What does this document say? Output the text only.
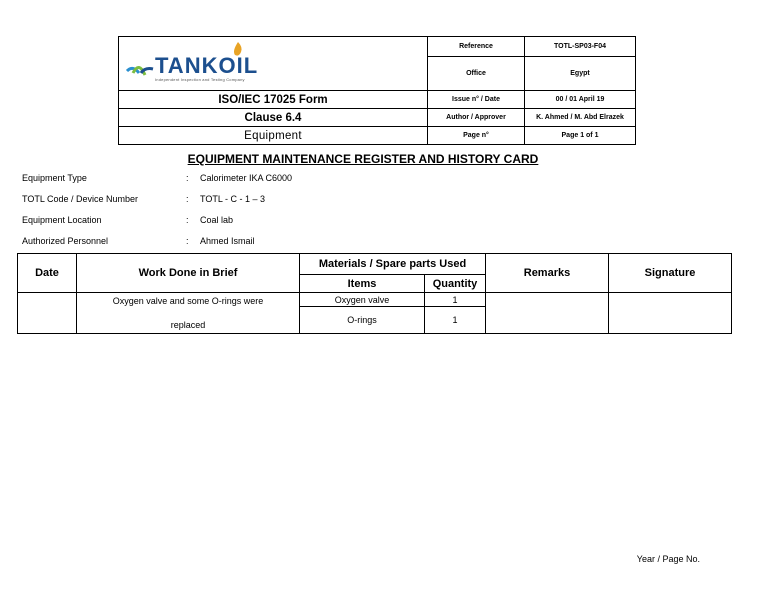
TANKOIL
Independent Inspection and Testing Company	Reference	TOTL-SP03-F04
	Office	Egypt
ISO/IEC 17025 Form	Issue n° / Date	00 / 01 April 19
Clause 6.4	Author / Approver	K. Ahmed / M. Abd Elrazek
Equipment	Page n°	Page 1 of 1
EQUIPMENT MAINTENANCE REGISTER AND HISTORY CARD
Equipment Type	: Calorimeter IKA C6000
TOTL Code / Device Number	: TOTL - C - 1 – 3
Equipment Location	: Coal lab
Authorized Personnel	: Ahmed Ismail
Date	Work Done in Brief	Materials / Spare parts Used		Remarks	Signature
		Items	Quantity		

	Oxygen valve and some O-rings were
replaced	Oxygen valve	1		
		O-rings	1		
Year / Page No.
